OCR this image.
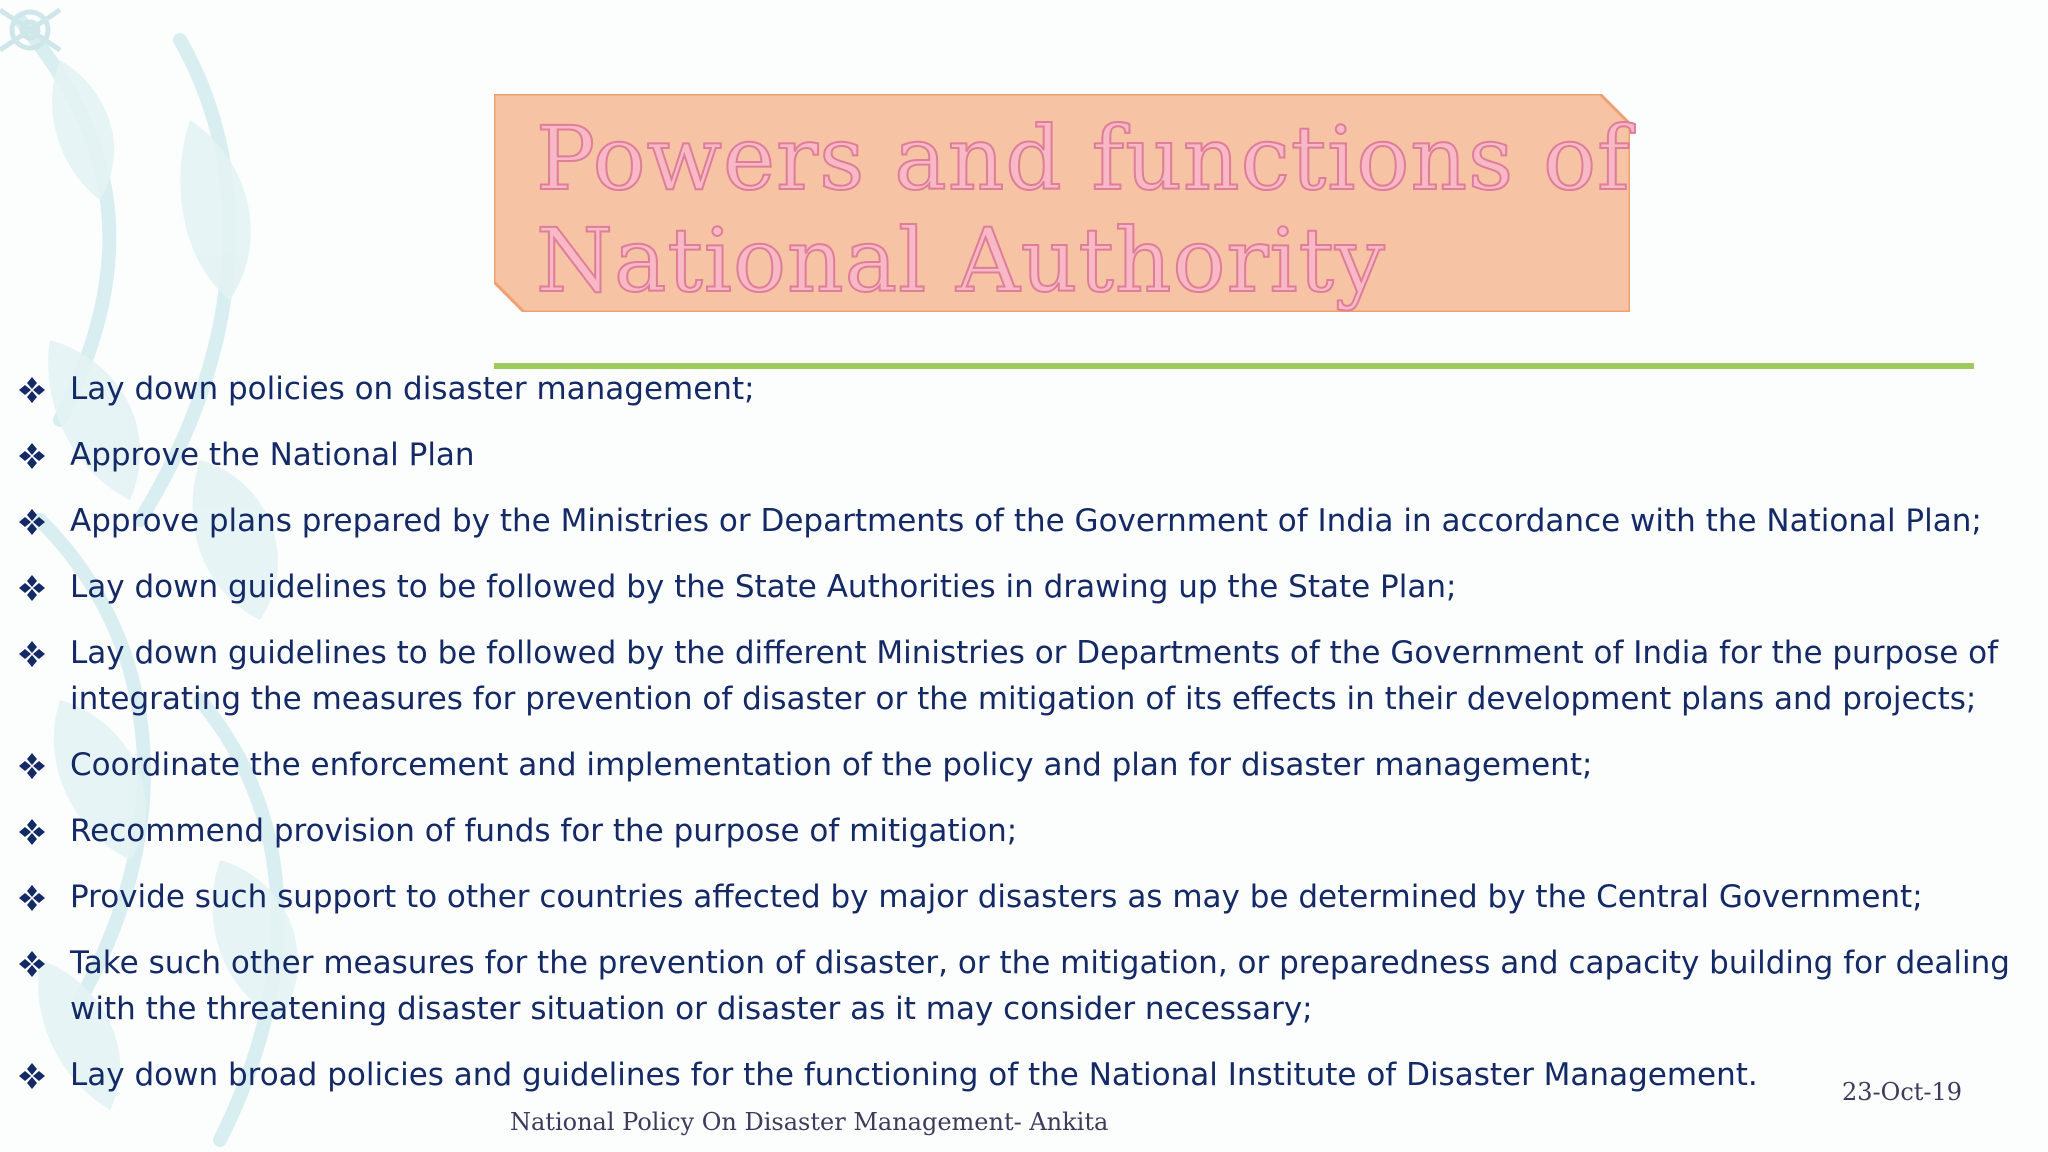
Powers and functions of National Authority
Lay down policies on disaster management;
Approve the National Plan
Approve plans prepared by the Ministries or Departments of the Government of India in accordance with the National Plan;
Lay down guidelines to be followed by the State Authorities in drawing up the State Plan;
Lay down guidelines to be followed by the different Ministries or Departments of the Government of India for the purpose of integrating the measures for prevention of disaster or the mitigation of its effects in their development plans and projects;
Coordinate the enforcement and implementation of the policy and plan for disaster management;
Recommend provision of funds for the purpose of mitigation;
Provide such support to other countries affected by major disasters as may be determined by the Central Government;
Take such other measures for the prevention of disaster, or the mitigation, or preparedness and capacity building for dealing with the threatening disaster situation or disaster as it may consider necessary;
Lay down broad policies and guidelines for the functioning of the National Institute of Disaster Management.
National Policy On Disaster Management- Ankita
23-Oct-19
